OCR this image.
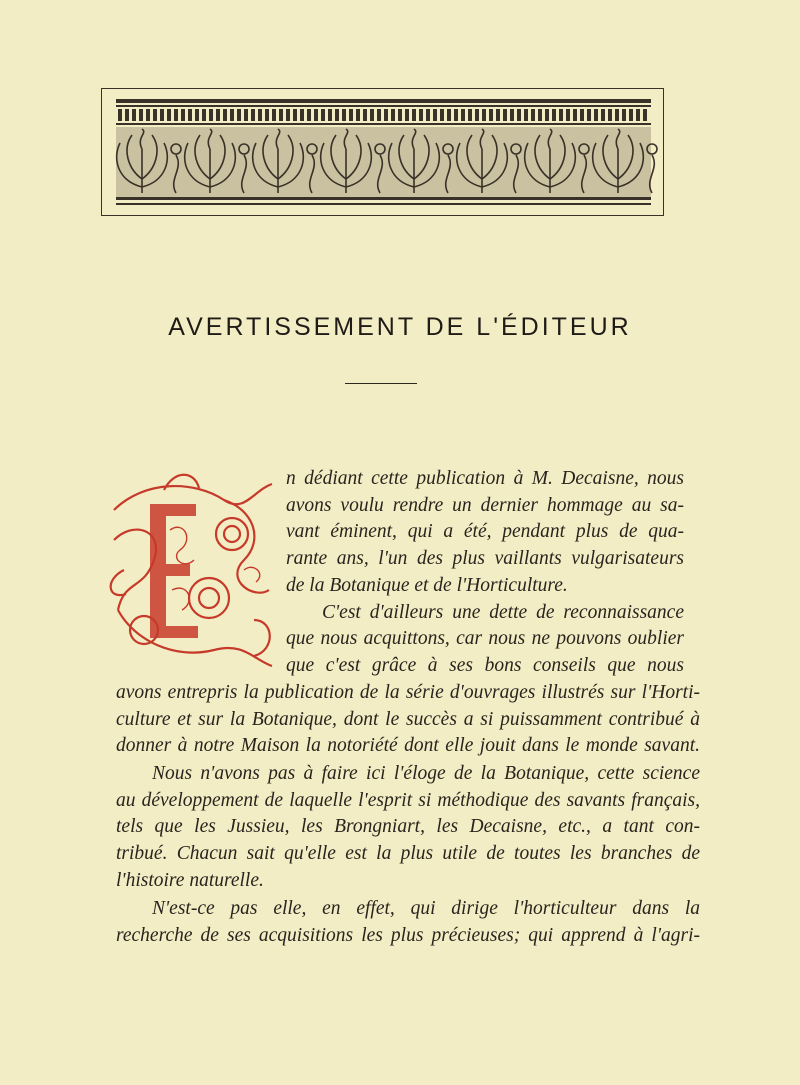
AVERTISSEMENT DE L'ÉDITEUR
n dédiant cette publication à M. Decaisne, nous
avons voulu rendre un dernier hommage au sa-
vant éminent, qui a été, pendant plus de qua-
rante ans, l'un des plus vaillants vulgarisateurs
de la Botanique et de l'Horticulture.
C'est d'ailleurs une dette de reconnaissance
que nous acquittons, car nous ne pouvons oublier
que c'est grâce à ses bons conseils que nous
avons entrepris la publication de la série d'ouvrages illustrés sur l'Horti-
culture et sur la Botanique, dont le succès a si puissamment contribué à
donner à notre Maison la notoriété dont elle jouit dans le monde savant.
Nous n'avons pas à faire ici l'éloge de la Botanique, cette science
au développement de laquelle l'esprit si méthodique des savants français,
tels que les Jussieu, les Brongniart, les Decaisne, etc., a tant con-
tribué. Chacun sait qu'elle est la plus utile de toutes les branches de
l'histoire naturelle.
N'est-ce pas elle, en effet, qui dirige l'horticulteur dans la
recherche de ses acquisitions les plus précieuses; qui apprend à l'agri-
